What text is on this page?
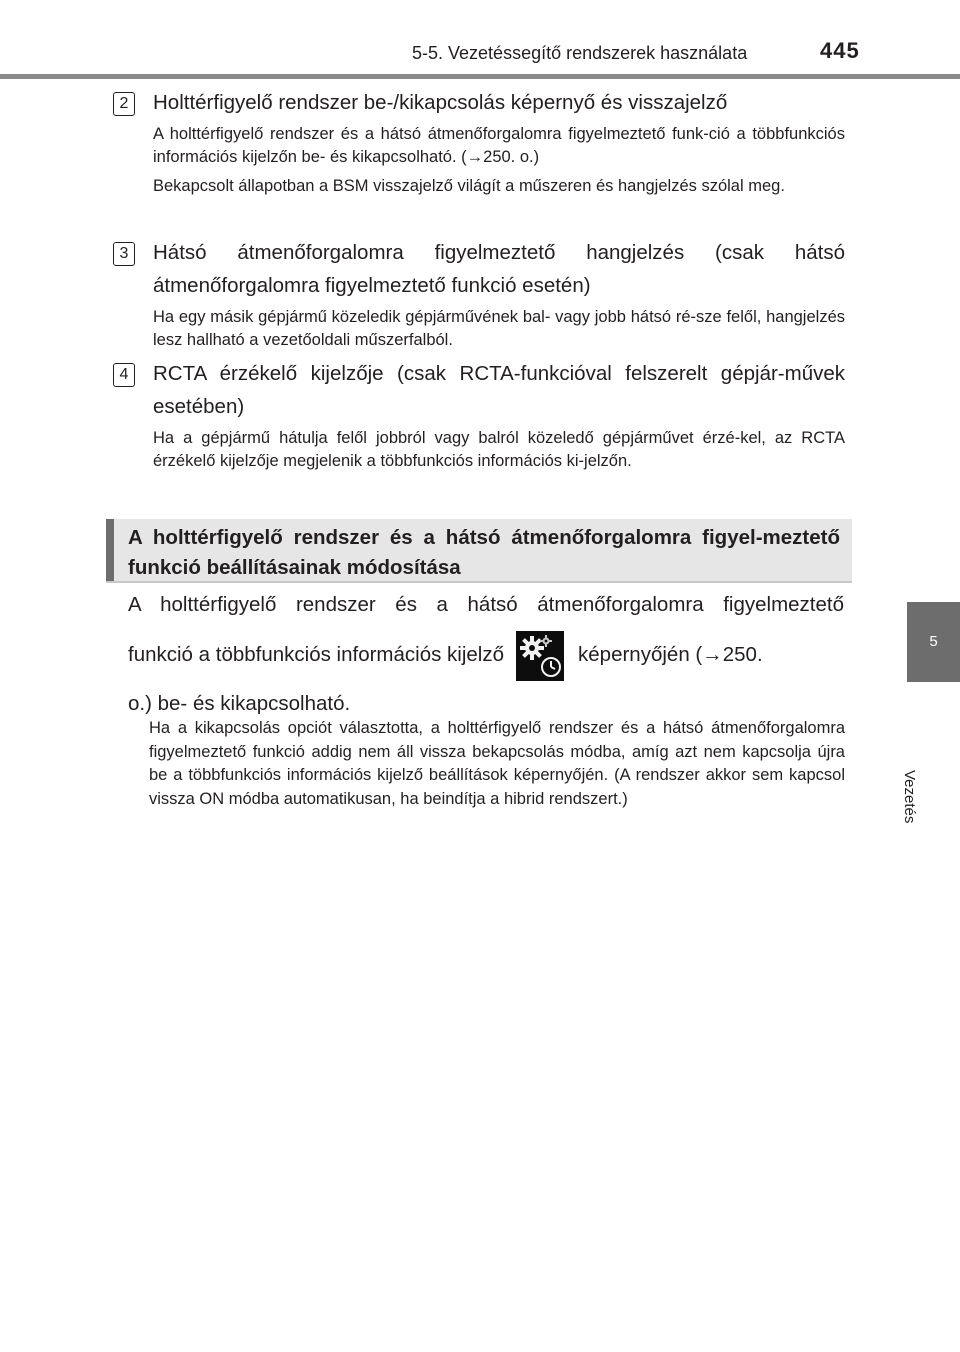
5-5. Vezetéssegítő rendszerek használata	445
5
Vezetés
2	Holttérfigyelő rendszer be-/kikapcsolás képernyő és visszajelző

A holttérfigyelő rendszer és a hátsó átmenőforgalomra figyelmeztető funk-ció a többfunkciós információs kijelzőn be- és kikapcsolható. (→250. o.)

Bekapcsolt állapotban a BSM visszajelző világít a műszeren és hangjelzés szólal meg.

3	Hátsó átmenőforgalomra figyelmeztető hangjelzés (csak hátsó átmenőforgalomra figyelmeztető funkció esetén)

Ha egy másik gépjármű közeledik gépjárművének bal- vagy jobb hátsó ré-sze felől, hangjelzés lesz hallható a vezetőoldali műszerfalból.

4	RCTA érzékelő kijelzője (csak RCTA-funkcióval felszerelt gépjár-művek esetében)

Ha a gépjármű hátulja felől jobbról vagy balról közeledő gépjárművet érzé-kel, az RCTA érzékelő kijelzője megjelenik a többfunkciós információs ki-jelzőn.

A holttérfigyelő rendszer és a hátsó átmenőforgalomra figyel-meztető funkció beállításainak módosítása
A holttérfigyelő rendszer és a hátsó átmenőforgalomra figyelmeztető
funkció a többfunkciós információs kijelző	képernyőjén (→250.
o.) be- és kikapcsolható.
Ha a kikapcsolás opciót választotta, a holttérfigyelő rendszer és a hátsó átmenőforgalomra figyelmeztető funkció addig nem áll vissza bekapcsolás módba, amíg azt nem kapcsolja újra be a többfunkciós információs kijelző beállítások képernyőjén. (A rendszer akkor sem kapcsol vissza ON módba automatikusan, ha beindítja a hibrid rendszert.)
